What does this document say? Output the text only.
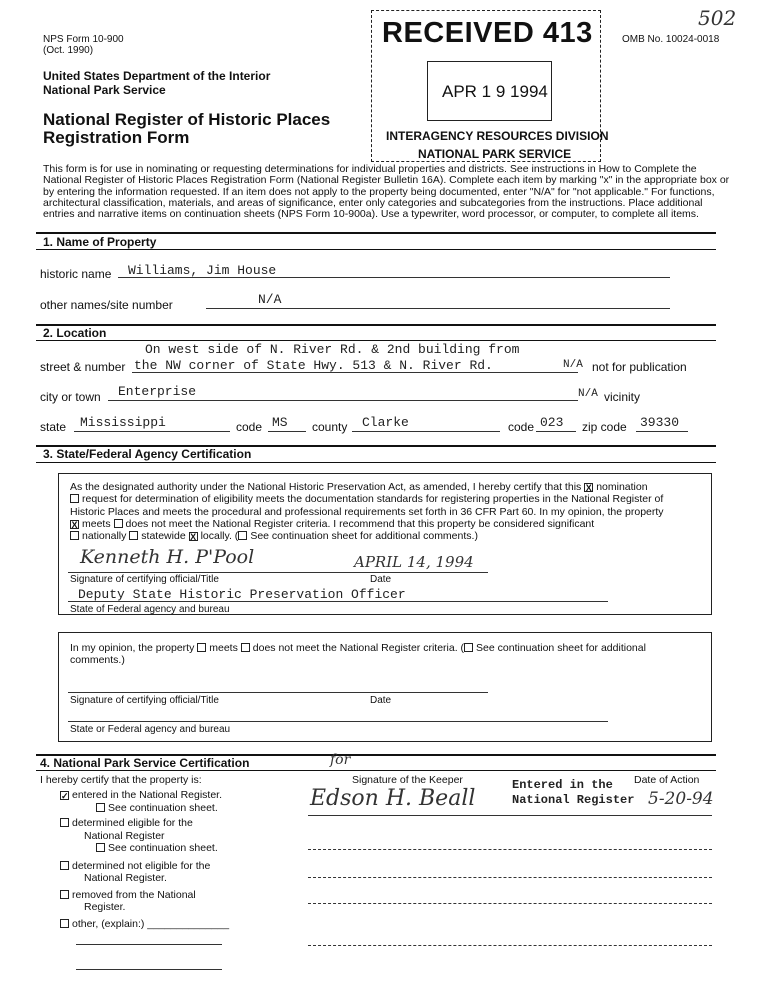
NPS Form 10-900
(Oct. 1990)
OMB No. 10024-0018
502
United States Department of the Interior
National Park Service
National Register of Historic Places
Registration Form
RECEIVED 413
APR 1 9 1994
INTERAGENCY RESOURCES DIVISION
NATIONAL PARK SERVICE
This form is for use in nominating or requesting determinations for individual properties and districts. See instructions in How to Complete the
National Register of Historic Places Registration Form (National Register Bulletin 16A). Complete each item by marking "x" in the appropriate box or
by entering the information requested. If an item does not apply to the property being documented, enter "N/A" for "not applicable." For functions,
architectural classification, materials, and areas of significance, enter only categories and subcategories from the instructions. Place additional
entries and narrative items on continuation sheets (NPS Form 10-900a). Use a typewriter, word processor, or computer, to complete all items.
1. Name of Property
historic name Williams, Jim House
other names/site number	N/A
2. Location
On west side of N. River Rd. & 2nd building from
street & number the NW corner of State Hwy. 513 & N. River Rd.	N/A not for publication
city or town Enterprise	N/A vicinity
state Mississippi	code MS county Clarke	code 023 zip code 39330
3. State/Federal Agency Certification
As the designated authority under the National Historic Preservation Act, as amended, I hereby certify that this X nomination
request for determination of eligibility meets the documentation standards for registering properties in the National Register of
Historic Places and meets the procedural and professional requirements set forth in 36 CFR Part 60. In my opinion, the property
X meets does not meet the National Register criteria. I recommend that this property be considered significant
nationally statewide X locally. ( See continuation sheet for additional comments.)
Kenneth H. P'Pool	APRIL 14, 1994
Signature of certifying official/Title	Date
Deputy State Historic Preservation Officer
State of Federal agency and bureau
In my opinion, the property meets does not meet the National Register criteria. ( See continuation sheet for additional
comments.)
Signature of certifying official/Title	Date
State or Federal agency and bureau
4. National Park Service Certification
I hereby certify that the property is:
✓ entered in the National Register.
See continuation sheet.
determined eligible for the
National Register
See continuation sheet.
determined not eligible for the
National Register.
removed from the National
Register.
other, (explain:) ______________
for
Signature of the Keeper	Date of Action
Edson H. Beall
Entered in the
National Register 5-20-94
